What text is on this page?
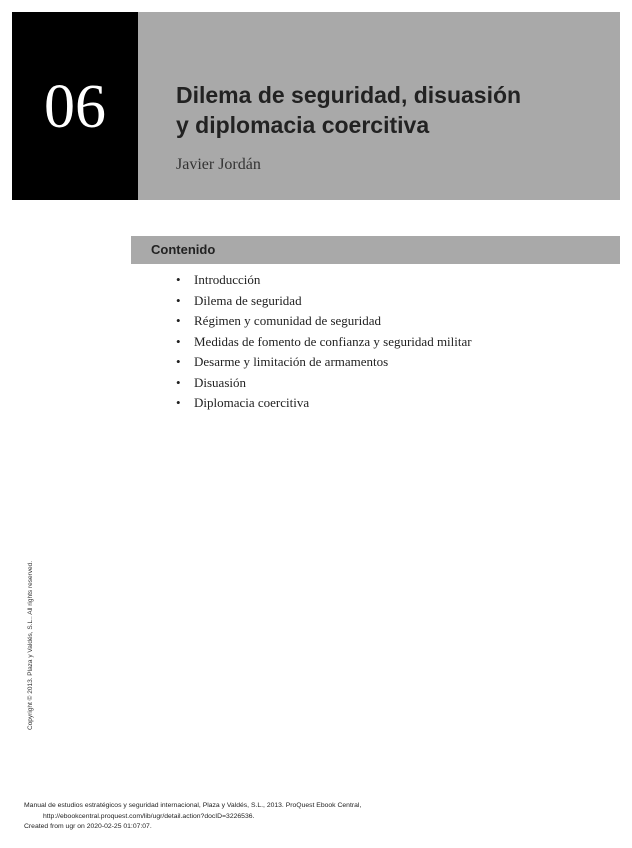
06	Dilema de seguridad, disuasión
y diplomacia coercitiva
Javier Jordán
Contenido
•	Introducción
•	Dilema de seguridad
•	Régimen y comunidad de seguridad
•	Medidas de fomento de confianza y seguridad militar
•	Desarme y limitación de armamentos
•	Disuasión
•	Diplomacia coercitiva
Copyright © 2013. Plaza y Valdés, S.L.. All rights reserved.
Manual de estudios estratégicos y seguridad internacional, Plaza y Valdés, S.L., 2013. ProQuest Ebook Central,
http://ebookcentral.proquest.com/lib/ugr/detail.action?docID=3226536.
Created from ugr on 2020-02-25 01:07:07.
